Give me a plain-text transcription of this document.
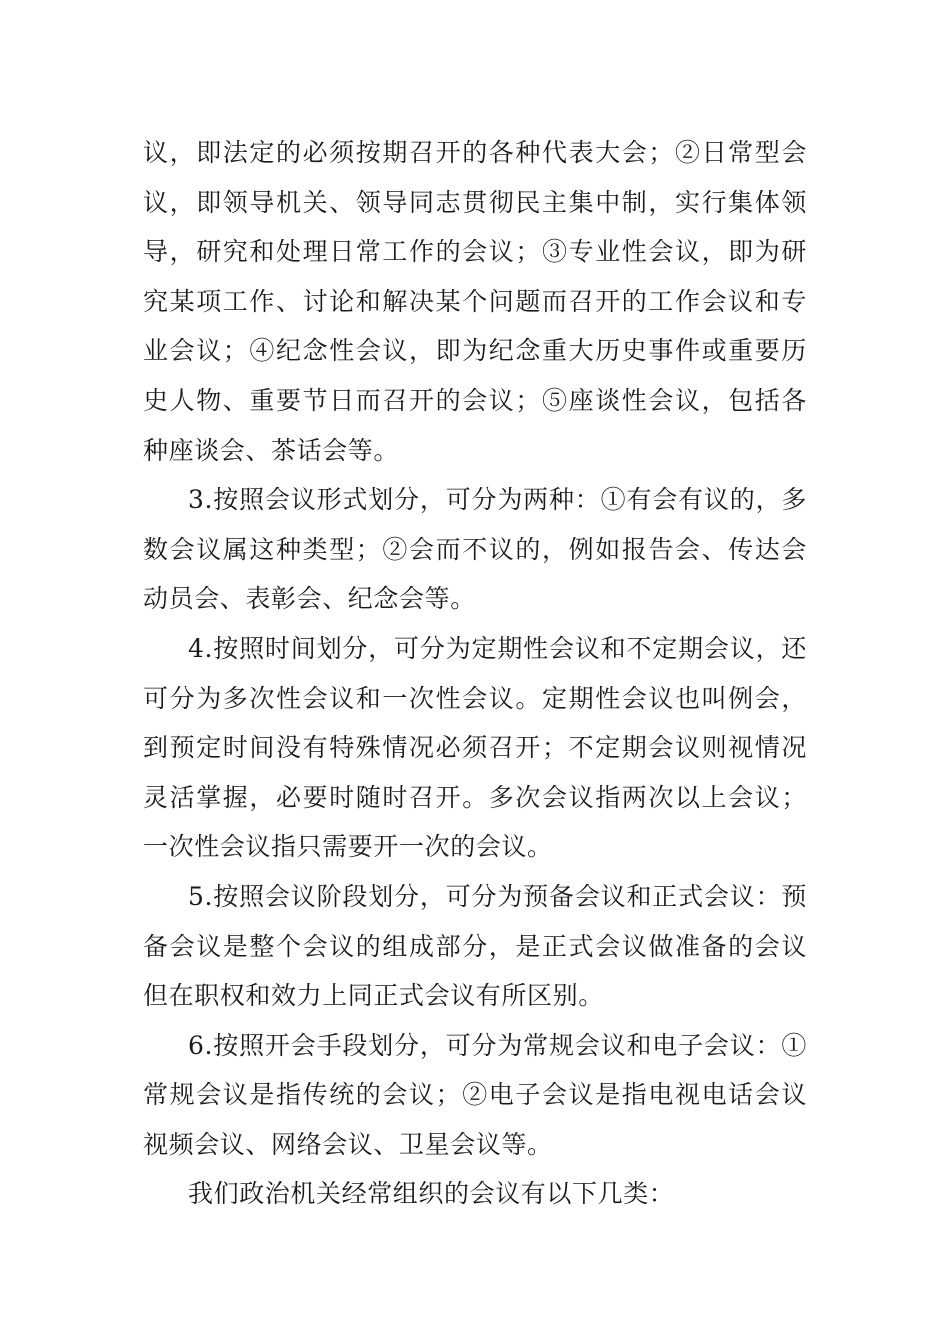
议，即法定的必须按期召开的各种代表大会；②日常型会议，即领导机关、领导同志贯彻民主集中制，实行集体领导，研究和处理日常工作的会议；③专业性会议，即为研究某项工作、讨论和解决某个问题而召开的工作会议和专业会议；④纪念性会议，即为纪念重大历史事件或重要历史人物、重要节日而召开的会议；⑤座谈性会议，包括各种座谈会、茶话会等。

3.按照会议形式划分，可分为两种：①有会有议的，多数会议属这种类型；②会而不议的，例如报告会、传达会动员会、表彰会、纪念会等。

4.按照时间划分，可分为定期性会议和不定期会议，还可分为多次性会议和一次性会议。定期性会议也叫例会，到预定时间没有特殊情况必须召开；不定期会议则视情况灵活掌握，必要时随时召开。多次会议指两次以上会议；一次性会议指只需要开一次的会议。

5.按照会议阶段划分，可分为预备会议和正式会议：预备会议是整个会议的组成部分，是正式会议做准备的会议但在职权和效力上同正式会议有所区别。

6.按照开会手段划分，可分为常规会议和电子会议：①常规会议是指传统的会议；②电子会议是指电视电话会议视频会议、网络会议、卫星会议等。

我们政治机关经常组织的会议有以下几类：
